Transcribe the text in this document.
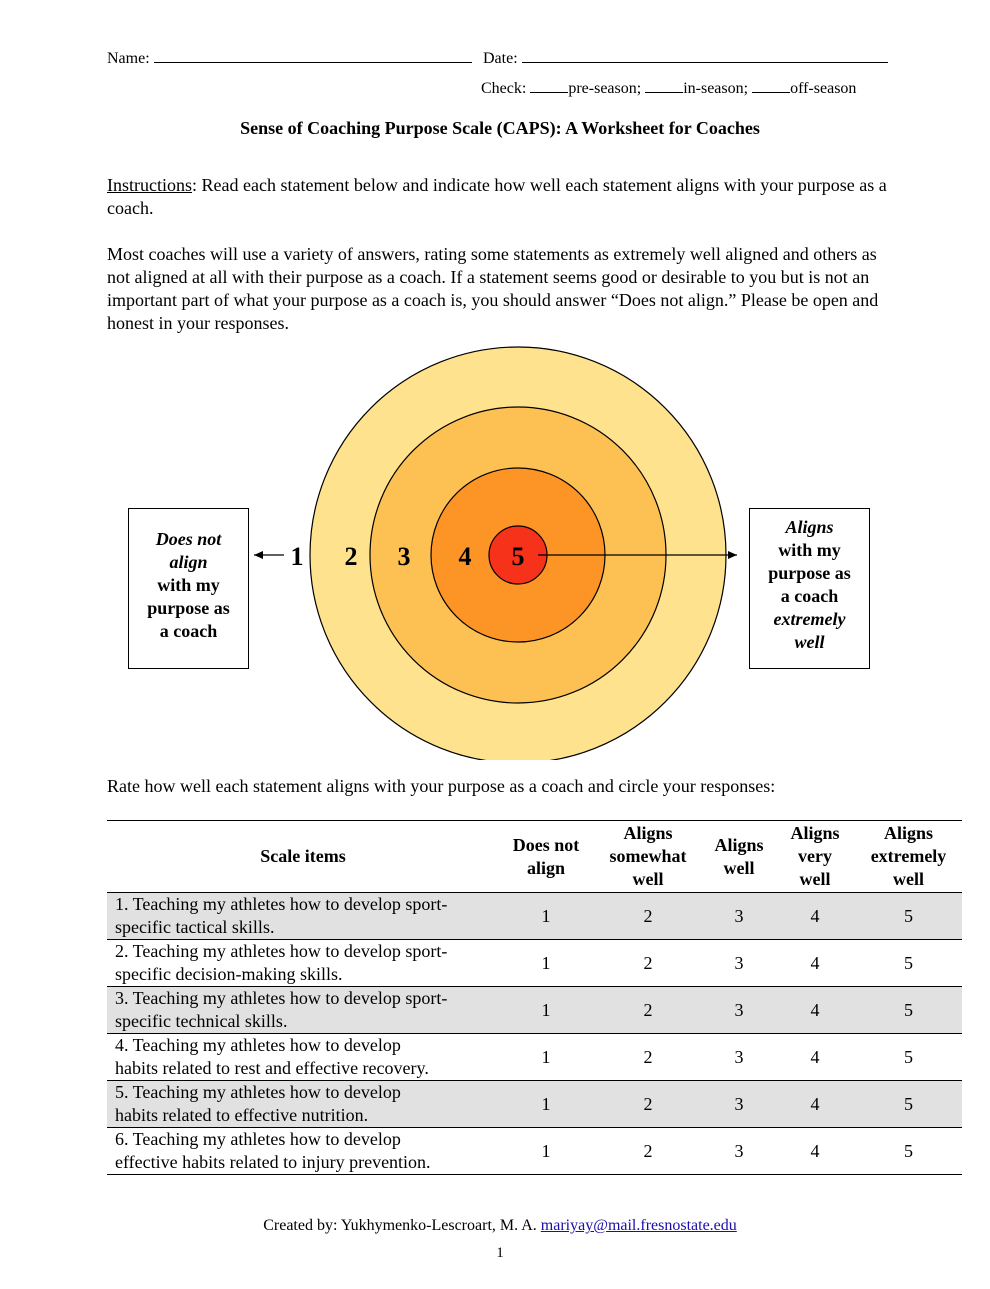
Name:	Date:
Check:	pre-season;	in-season;	off-season
Sense of Coaching Purpose Scale (CAPS): A Worksheet for Coaches
Instructions: Read each statement below and indicate how well each statement aligns with your purpose as a coach.
Most coaches will use a variety of answers, rating some statements as extremely well aligned and others as not aligned at all with their purpose as a coach. If a statement seems good or desirable to you but is not an important part of what your purpose as a coach is, you should answer “Does not align.” Please be open and honest in your responses.
1 2 3 4 5
Does not
align
with my
purpose as
a coach
Aligns
with my
purpose as
a coach
extremely
well
Rate how well each statement aligns with your purpose as a coach and circle your responses:
Scale items	Does not align	Aligns somewhat well	Aligns well	Aligns very well	Aligns extremely well

1. Teaching my athletes how to develop sport-
specific tactical skills.	1	2	3	4	5

2. Teaching my athletes how to develop sport-
specific decision-making skills.	1	2	3	4	5

3. Teaching my athletes how to develop sport-
specific technical skills.	1	2	3	4	5

4. Teaching my athletes how to develop
habits related to rest and effective recovery.	1	2	3	4	5

5. Teaching my athletes how to develop
habits related to effective nutrition.	1	2	3	4	5

6. Teaching my athletes how to develop
effective habits related to injury prevention.	1	2	3	4	5
Created by: Yukhymenko-Lescroart, M. A. mariyay@mail.fresnostate.edu
1
